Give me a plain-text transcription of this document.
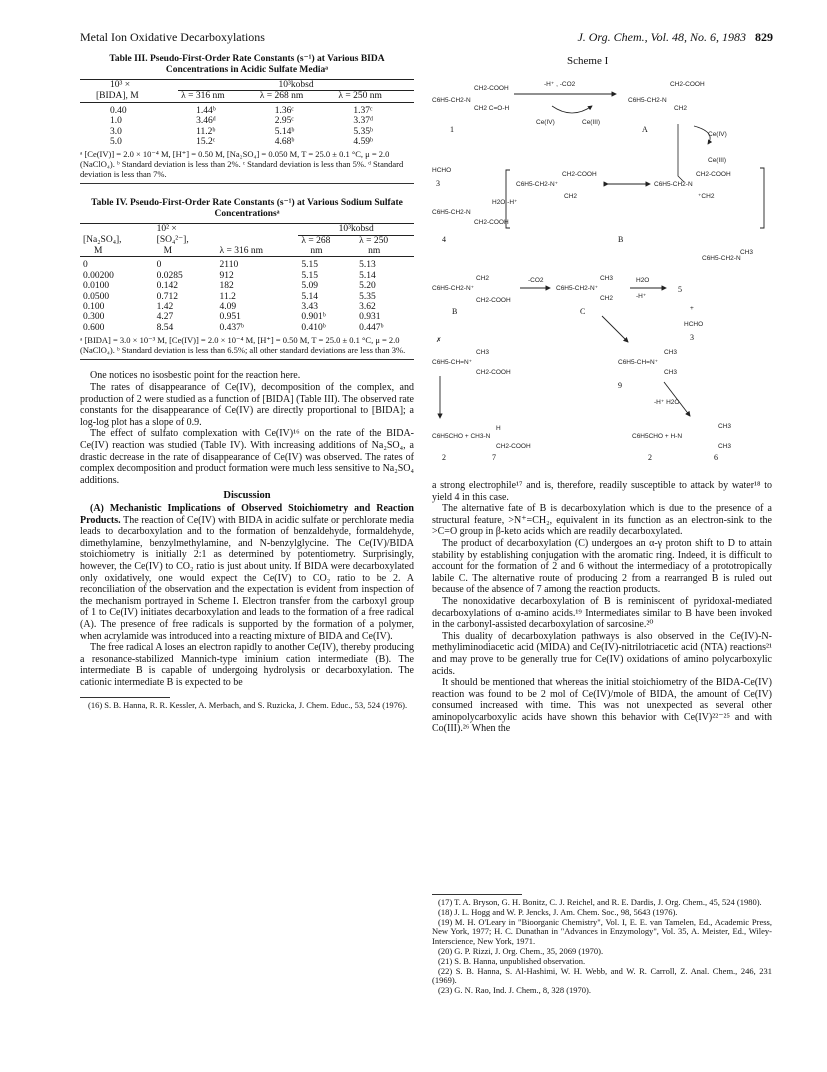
Metal Ion Oxidative Decarboxylations	J. Org. Chem., Vol. 48, No. 6, 1983 829
Table III. Pseudo-First-Order Rate Constants (s⁻¹) at Various BIDA Concentrations in Acidic Sulfate Mediaᵃ
10³ ×	10³kobsd		
[BIDA], M	λ = 316 nm	λ = 268 nm	λ = 250 nm
0.40	1.44ᵇ	1.36ᶜ	1.37ᶜ
1.0	3.46ᵈ	2.95ᶜ	3.37ᵈ
3.0	11.2ᵇ	5.14ᵇ	5.35ᵇ
5.0	15.2ᶜ	4.68ᵇ	4.59ᵇ

ᵃ [Ce(IV)] = 2.0 × 10⁻⁴ M, [H⁺] = 0.50 M, [Na₂SO₄] = 0.050 M, T = 25.0 ± 0.1 °C, μ = 2.0 (NaClO₄). ᵇ Standard deviation is less than 2%. ᶜ Standard deviation is less than 5%. ᵈ Standard deviation is less than 7%.

Table IV. Pseudo-First-Order Rate Constants (s⁻¹) at Various Sodium Sulfate Concentrationsᵃ
	10² ×		10³kobsd	
[Na₂SO₄],	[SO₄²⁻],		λ = 268	λ = 250
M	M	λ = 316 nm	nm	nm
0	0	2110	5.15	5.13
0.00200	0.0285	912	5.15	5.14
0.0100	0.142	182	5.09	5.20
0.0500	0.712	11.2	5.14	5.35
0.100	1.42	4.09	3.43	3.62
0.300	4.27	0.951	0.901ᵇ	0.931
0.600	8.54	0.437ᵇ	0.410ᵇ	0.447ᵇ

ᵃ [BIDA] = 3.0 × 10⁻³ M, [Ce(IV)] = 2.0 × 10⁻⁴ M, [H⁺] = 0.50 M, T = 25.0 ± 0.1 °C, μ = 2.0 (NaClO₄). ᵇ Standard deviation is less than 6.5%; all other standard deviations are less than 3%.

One notices no isosbestic point for the reaction here.

The rates of disappearance of Ce(IV), decomposition of the complex, and production of 2 were studied as a function of [BIDA] (Table III). The observed rate constants for the disappearance of Ce(IV) are directly proportional to [BIDA]; a log-log plot has a slope of 0.9.

The effect of sulfato complexation with Ce(IV)¹⁶ on the rate of the BIDA-Ce(IV) reaction was studied (Table IV). With increasing additions of Na₂SO₄, a drastic decrease in the rate of disappearance of Ce(IV) was observed. The rates of complex decomposition and product formation were much less sensitive to Na₂SO₄ additions.

Discussion

(A) Mechanistic Implications of Observed Stoichiometry and Reaction Products. The reaction of Ce(IV) with BIDA in acidic sulfate or perchlorate media leads to decarboxylation and to the formation of benzaldehyde, formaldehyde, dimethylamine, benzylmethylamine, and N-benzylglycine. The Ce(IV)/BIDA stoichiometry is initially 2:1 as determined by potentiometry. Surprisingly, however, the Ce(IV) to CO₂ ratio is just about unity. If BIDA were decarboxylated only oxidatively, one would expect the Ce(IV) to CO₂ ratio to be 2. A reconciliation of the observation and the expectation is evident from inspection of the mechanism portrayed in Scheme I. Electron transfer from the carboxyl group of 1 to Ce(IV) initiates decarboxylation and leads to the formation of a free radical (A). The presence of free radicals is supported by the formation of a polymer, when acrylamide was introduced into a reacting mixture of BIDA and Ce(IV).

The free radical A loses an electron rapidly to another Ce(IV), thereby producing a resonance-stabilized Mannich-type iminium cation intermediate (B). The intermediate B is capable of undergoing hydrolysis or decarboxylation. The cationic intermediate B is expected to be

(16) S. B. Hanna, R. R. Kessler, A. Merbach, and S. Ruzicka, J. Chem. Educ., 53, 524 (1976).

Scheme I
C6H5-CH2-N
CH2-COOH
CH2 C=O-H
-H⁺ , -CO2
Ce(IV)	Ce(III)
C6H5-CH2-N
CH2-COOH
CH2
1	A
Ce(IV)
Ce(III)
HCHO
3
C6H5-CH2-N
CH2-COOH
4
C6H5-CH2-N⁺
CH2-COOH
CH2
C6H5-CH2-N
CH2-COOH
⁺CH2
B
H2O -H⁺
C6H5-CH2-N
CH3
C6H5-CH2-N⁺
CH2
CH2-COOH
-CO2
C6H5-CH2-N⁺
CH3
CH2
H2O
-H⁺
5
+
HCHO
3
B	C
✗
C6H5-CH=N⁺
CH3
CH2-COOH
C6H5-CH=N⁺
CH3
CH3
9
-H⁺ H2O
C6H5CHO + CH3-N
H
CH2-COOH
2	7
C6H5CHO + H-N
CH3
CH3
2	6

a strong electrophile¹⁷ and is, therefore, readily susceptible to attack by water¹⁸ to yield 4 in this case.

The alternative fate of B is decarboxylation which is due to the presence of a structural feature, >N⁺=CH₂, equivalent in its function as an electron-sink to the >C=O group in β-keto acids which are readily decarboxylated.

The product of decarboxylation (C) undergoes an α-γ proton shift to D to attain stability by establishing conjugation with the aromatic ring. Indeed, it is difficult to account for the formation of 2 and 6 without the intermediacy of a prototropically labile C. The alternative route of producing 2 from a rearranged B is ruled out because of the absence of 7 among the reaction products.

The nonoxidative decarboxylation of B is reminiscent of pyridoxal-mediated decarboxylations of α-amino acids.¹⁹ Intermediates similar to B have been invoked in the carbonyl-assisted decarboxylation of sarcosine.²⁰

This duality of decarboxylation pathways is also observed in the Ce(IV)-N-methyliminodiacetic acid (MIDA) and Ce(IV)-nitrilotriacetic acid (NTA) reactions²¹ and may prove to be generally true for Ce(IV) oxidations of amino polycarboxylic acids.

It should be mentioned that whereas the initial stoichiometry of the BIDA-Ce(IV) reaction was found to be 2 mol of Ce(IV)/mole of BIDA, the amount of Ce(IV) consumed increased with time. This was not unexpected as several other aminopolycarboxylic acids have shown this behavior with Ce(IV)²²⁻²⁵ and with Co(III).²⁶ When the

(17) T. A. Bryson, G. H. Bonitz, C. J. Reichel, and R. E. Dardis, J. Org. Chem., 45, 524 (1980).

(18) J. L. Hogg and W. P. Jencks, J. Am. Chem. Soc., 98, 5643 (1976).

(19) M. H. O'Leary in "Bioorganic Chemistry", Vol. I, E. E. van Tamelen, Ed., Academic Press, New York, 1977; H. C. Dunathan in "Advances in Enzymology", Vol. 35, A. Meister, Ed., Wiley-Interscience, New York, 1971.

(20) G. P. Rizzi, J. Org. Chem., 35, 2069 (1970).

(21) S. B. Hanna, unpublished observation.

(22) S. B. Hanna, S. Al-Hashimi, W. H. Webb, and W. R. Carroll, Z. Anal. Chem., 246, 231 (1969).

(23) G. N. Rao, Ind. J. Chem., 8, 328 (1970).
